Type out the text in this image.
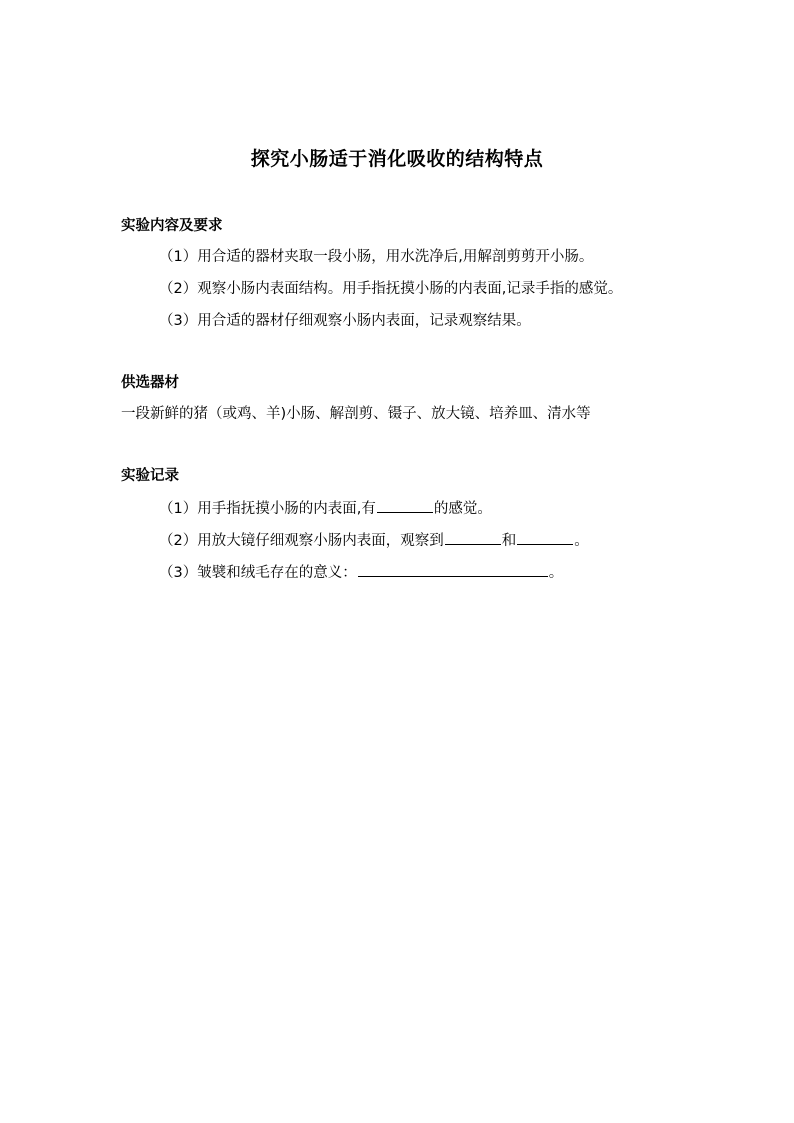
探究小肠适于消化吸收的结构特点
实验内容及要求
（1）用合适的器材夹取一段小肠，用水洗净后,用解剖剪剪开小肠。
（2）观察小肠内表面结构。用手指抚摸小肠的内表面,记录手指的感觉。
（3）用合适的器材仔细观察小肠内表面，记录观察结果。
供选器材
一段新鲜的猪（或鸡、羊)小肠、解剖剪、镊子、放大镜、培养皿、清水等
实验记录
（1）用手指抚摸小肠的内表面,有	的感觉。
（2）用放大镜仔细观察小肠内表面，观察到	和	。
（3）皱襞和绒毛存在的意义：	。
